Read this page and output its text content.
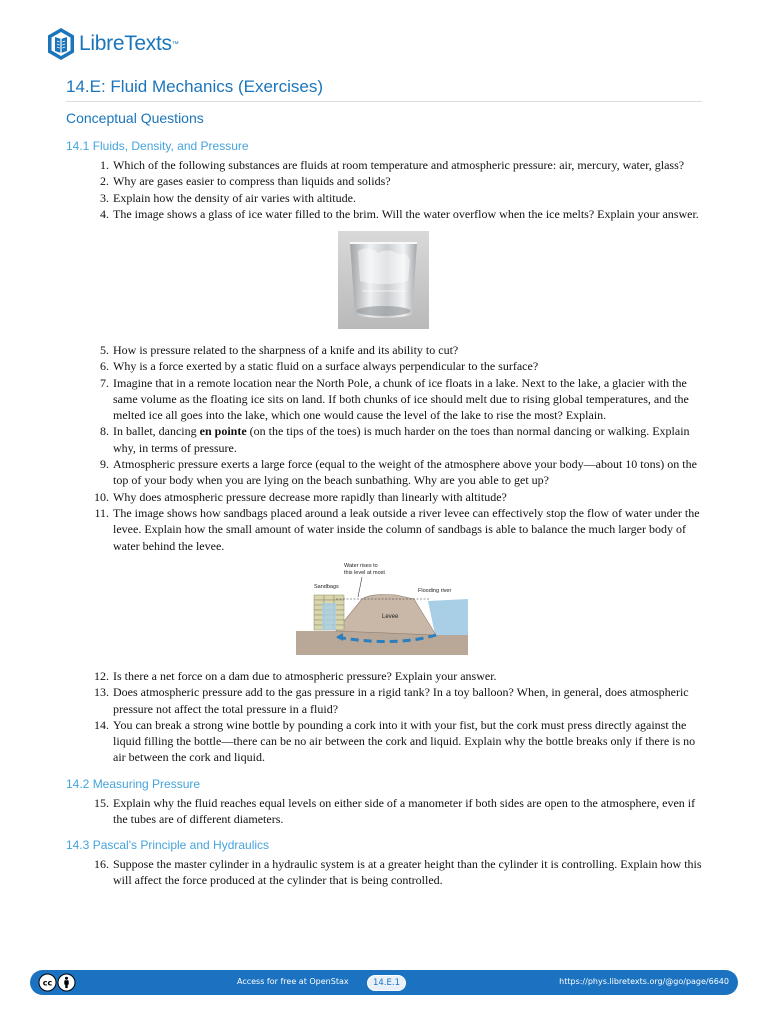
LibreTexts ™
14.E: Fluid Mechanics (Exercises)
Conceptual Questions
14.1 Fluids, Density, and Pressure
1. Which of the following substances are fluids at room temperature and atmospheric pressure: air, mercury, water, glass?
2. Why are gases easier to compress than liquids and solids?
3. Explain how the density of air varies with altitude.
4. The image shows a glass of ice water filled to the brim. Will the water overflow when the ice melts? Explain your answer.
5. How is pressure related to the sharpness of a knife and its ability to cut?
6. Why is a force exerted by a static fluid on a surface always perpendicular to the surface?
7. Imagine that in a remote location near the North Pole, a chunk of ice floats in a lake. Next to the lake, a glacier with the same volume as the floating ice sits on land. If both chunks of ice should melt due to rising global temperatures, and the melted ice all goes into the lake, which one would cause the level of the lake to rise the most? Explain.
8. In ballet, dancing en pointe (on the tips of the toes) is much harder on the toes than normal dancing or walking. Explain why, in terms of pressure.
9. Atmospheric pressure exerts a large force (equal to the weight of the atmosphere above your body—about 10 tons) on the top of your body when you are lying on the beach sunbathing. Why are you able to get up?
10. Why does atmospheric pressure decrease more rapidly than linearly with altitude?
11. The image shows how sandbags placed around a leak outside a river levee can effectively stop the flow of water under the levee. Explain how the small amount of water inside the column of sandbags is able to balance the much larger body of water behind the levee.
Water rises to
this level at most
Sandbags
Flooding river
Levee
12. Is there a net force on a dam due to atmospheric pressure? Explain your answer.
13. Does atmospheric pressure add to the gas pressure in a rigid tank? In a toy balloon? When, in general, does atmospheric pressure not affect the total pressure in a fluid?
14. You can break a strong wine bottle by pounding a cork into it with your fist, but the cork must press directly against the liquid filling the bottle—there can be no air between the cork and liquid. Explain why the bottle breaks only if there is no air between the cork and liquid.
14.2 Measuring Pressure
15. Explain why the fluid reaches equal levels on either side of a manometer if both sides are open to the atmosphere, even if the tubes are of different diameters.
14.3 Pascal's Principle and Hydraulics
16. Suppose the master cylinder in a hydraulic system is at a greater height than the cylinder it is controlling. Explain how this will affect the force produced at the cylinder that is being controlled.
cc	Access for free at OpenStax	14.E.1	https://phys.libretexts.org/@go/page/6640
